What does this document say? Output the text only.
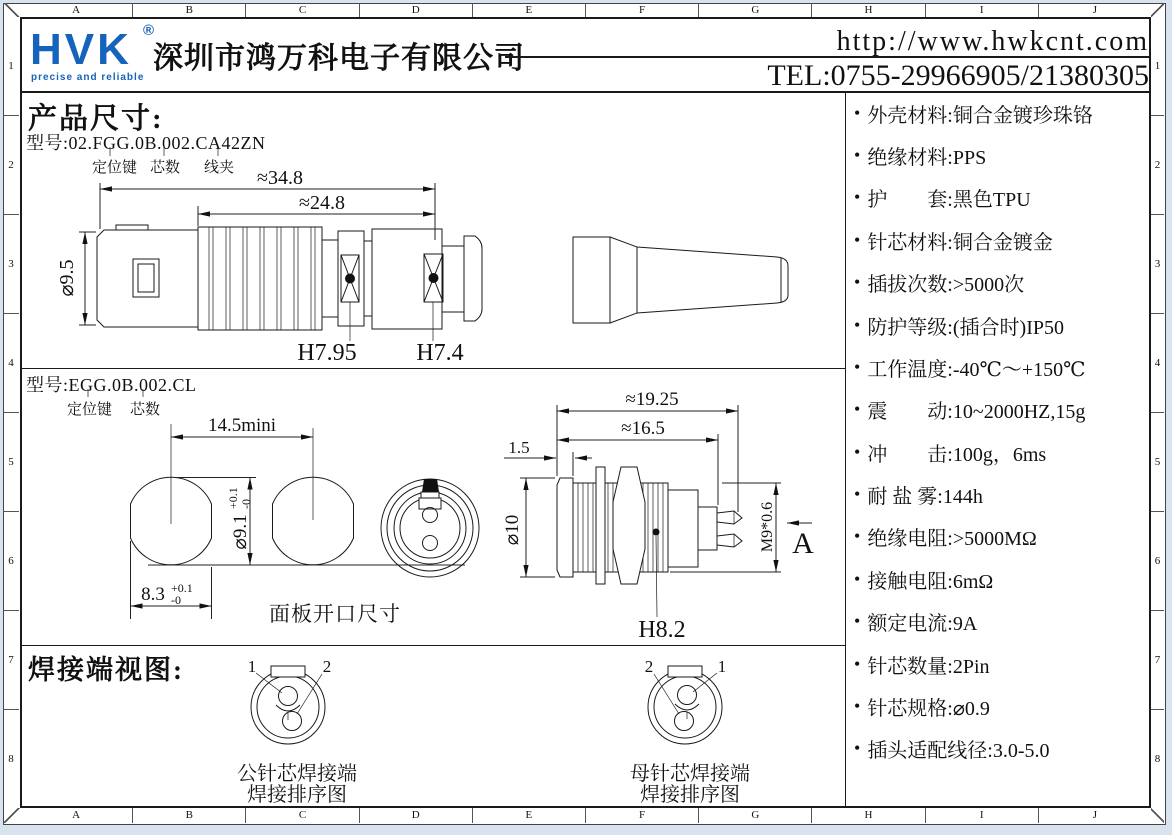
A	B	C	D	E	F	G	H	I	J
A	B	C	D	E	F	G	H	I	J
1
2
3
4
5
6
7
8
1
2
3
4
5
6
7
8
HVK ®
precise and reliable
深圳市鸿万科电子有限公司
http://www.hwkcnt.com
TEL:0755-29966905/21380305
产品尺寸:
型号:02.FGG.0B.002.CA42ZN
定位键 芯数 线夹
型号:EGG.0B.002.CL
定位键 芯数
面板开口尺寸
焊接端视图:
公针芯焊接端
焊接排序图
母针芯焊接端
焊接排序图
• 外壳材料:铜合金镀珍珠铬
• 绝缘材料:PPS
• 护　　套:黑色TPU
• 针芯材料:铜合金镀金
• 插拔次数:>5000次
• 防护等级:(插合时)IP50
• 工作温度:-40℃～+150℃
• 震　　动:10~2000HZ,15g
• 冲　　击:100g，6ms
• 耐 盐 雾:144h
• 绝缘电阻:>5000MΩ
• 接触电阻:6mΩ
• 额定电流:9A
• 针芯数量:2Pin
• 针芯规格:⌀0.9
• 插头适配线径:3.0-5.0
≈34.8
≈24.8
⌀9.5
H7.95 H7.4
14.5mini
⌀9.1
+0.1 -0
8.3 +0.1
-0
≈19.25
≈16.5
1.5
⌀10	M9*0.6 A
H8.2
1	2	2	1
